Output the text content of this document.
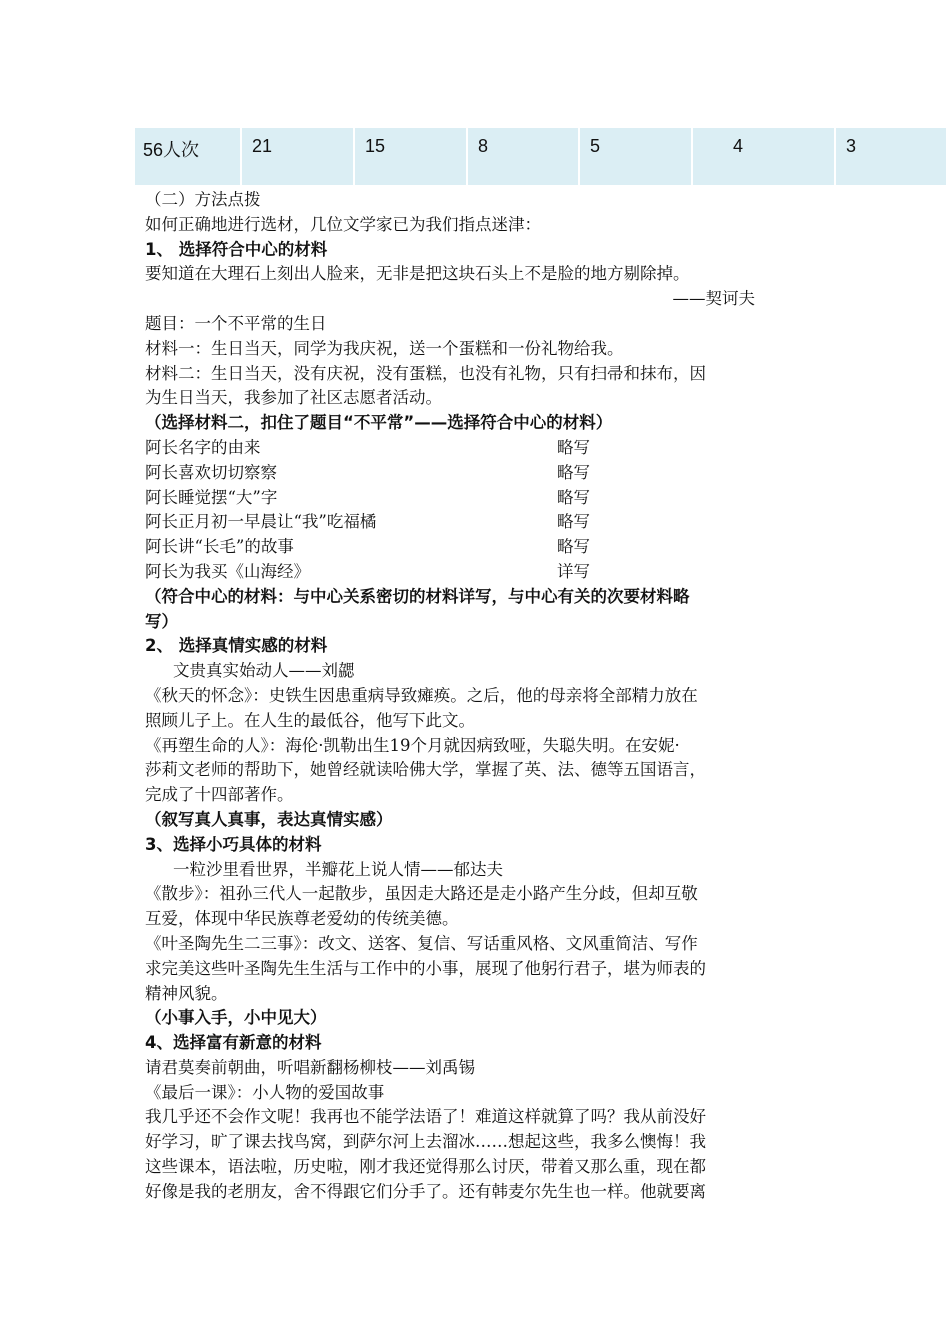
56人次	21	15	8	5	4	3
（二）方法点拨
如何正确地进行选材，几位文学家已为我们指点迷津：
1、 选择符合中心的材料
要知道在大理石上刻出人脸来，无非是把这块石头上不是脸的地方剔除掉。
——契诃夫
题目：一个不平常的生日
材料一：生日当天，同学为我庆祝，送一个蛋糕和一份礼物给我。
材料二：生日当天，没有庆祝，没有蛋糕，也没有礼物，只有扫帚和抹布，因
为生日当天，我参加了社区志愿者活动。
（选择材料二，扣住了题目“不平常”——选择符合中心的材料）
阿长名字的由来	略写
阿长喜欢切切察察	略写
阿长睡觉摆“大”字	略写
阿长正月初一早晨让“我”吃福橘	略写
阿长讲“长毛”的故事	略写
阿长为我买《山海经》	详写
（符合中心的材料：与中心关系密切的材料详写，与中心有关的次要材料略
写）
2、 选择真情实感的材料
文贵真实始动人——刘勰
《秋天的怀念》：史铁生因患重病导致瘫痪。之后，他的母亲将全部精力放在
照顾儿子上。在人生的最低谷，他写下此文。
《再塑生命的人》：海伦·凯勒出生19个月就因病致哑，失聪失明。在安妮·
莎莉文老师的帮助下，她曾经就读哈佛大学，掌握了英、法、德等五国语言，
完成了十四部著作。
（叙写真人真事，表达真情实感）
3、选择小巧具体的材料
一粒沙里看世界，半瓣花上说人情——郁达夫
《散步》：祖孙三代人一起散步，虽因走大路还是走小路产生分歧，但却互敬
互爱，体现中华民族尊老爱幼的传统美德。
《叶圣陶先生二三事》：改文、送客、复信、写话重风格、文风重简洁、写作
求完美这些叶圣陶先生生活与工作中的小事，展现了他躬行君子，堪为师表的
精神风貌。
（小事入手，小中见大）
4、选择富有新意的材料
请君莫奏前朝曲，听唱新翻杨柳枝——刘禹锡
《最后一课》：小人物的爱国故事
我几乎还不会作文呢！我再也不能学法语了！难道这样就算了吗？我从前没好
好学习，旷了课去找鸟窝，到萨尔河上去溜冰……想起这些，我多么懊悔！我
这些课本，语法啦，历史啦，刚才我还觉得那么讨厌，带着又那么重，现在都
好像是我的老朋友，舍不得跟它们分手了。还有韩麦尔先生也一样。他就要离
